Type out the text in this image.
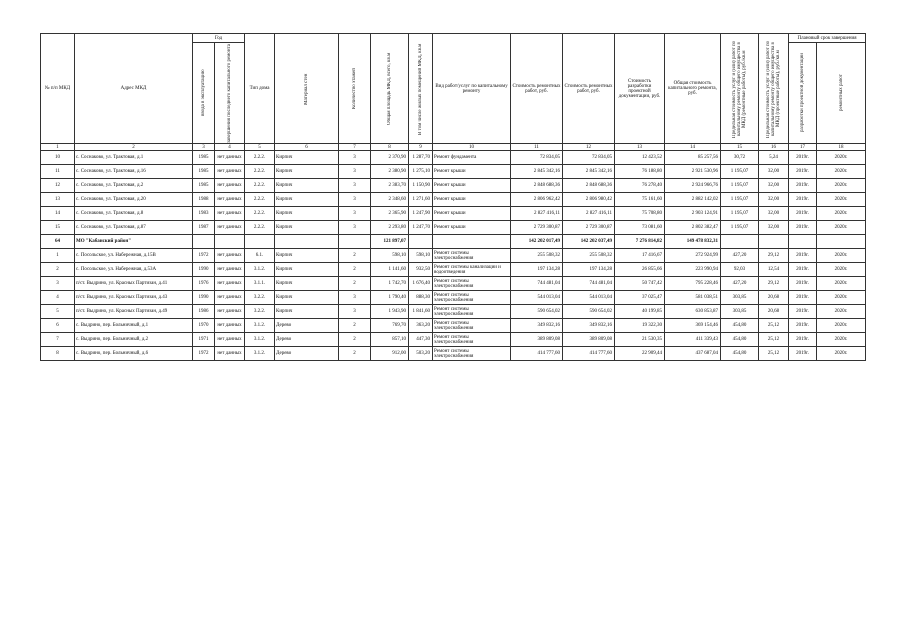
№ п/п МКД	Адрес МКД	Год		Тип дома	Материал стен	Количество этажей	Общая площадь МКД, всего, кв.м	В том числе жилых помещений МКД, кв.м	Вид работ/услуг по капитальному ремонту	Стоимость ремонтных работ, руб.	Стоимость ремонтных работ, руб.	Стоимость разработки проектной документации, руб.	Общая стоимость капитального ремонта, руб.	Предельная стоимость услуг и (или) работ по капитальному ремонту общего имущества в МКД (ремонтные работы), руб./кв.м	Предельная стоимость услуг и (или) работ по капитальному ремонту общего имущества в МКД (проектные работы), руб./кв.м	Плановый срок завершения	

		ввода в эксплуатацию	завершения последнего капитального ремонта													разработки проектной документации	ремонтных работ

1	2	3	4	5	6	7	8	9	10	11	12	13	14	15	16	17	18
10	с. Соснаково, ул. Трактовая, д.1	1985	нет данных	2.2.2.	Кирпич	3	2 370,90	1 287,70	Ремонт фундамента	72 834,05	72 834,05	12 423,52	85 257,56	30,72	5,24	2019г.	2020г.
11	с. Соснаково, ул. Трактовая, д.16	1985	нет данных	2.2.2.	Кирпич	3	2 380,90	1 275,10	Ремонт крыши	2 845 342,16	2 845 342,16	76 188,80	2 921 530,96	1 195,07	32,00	2019г.	2020г.
12	с. Соснаково, ул. Трактовая, д.2	1985	нет данных	2.2.2.	Кирпич	3	2 383,70	1 150,90	Ремонт крыши	2 848 688,36	2 848 688,36	76 278,40	2 924 966,76	1 195,07	32,00	2019г.	2020г.
13	с. Соснаково, ул. Трактовая, д.20	1988	нет данных	2.2.2.	Кирпич	3	2 348,60	1 271,60	Ремонт крыши	2 806 962,42	2 806 980,42	75 161,60	2 882 142,02	1 195,07	32,00	2019г.	2020г.
14	с. Соснаково, ул. Трактовая, д.8	1983	нет данных	2.2.2.	Кирпич	3	2 365,90	1 247,90	Ремонт крыши	2 827 416,11	2 827 416,11	75 708,80	2 903 124,91	1 195,07	32,00	2019г.	2020г.
15	с. Соснаково, ул. Трактовая, д.87	1987	нет данных	2.2.2.	Кирпич	3	2 293,80	1 247,70	Ремонт крыши	2 729 300,87	2 729 300,87	73 081,60	2 802 382,47	1 195,07	32,00	2019г.	2020г.
64	МО "Кабанский район"						121 897,07			142 202 017,49	142 202 037,49	7 276 814,82	149 478 832,31				
1	с. Посольское, ул. Набережная, д.15В	1972	нет данных	6.1.	Кирпич	2	598,10	598,10	Ремонт системы электроснабжения	255 508,32	255 508,32	17 416,67	272 924,99	427,20	29,12	2019г.	2020г.
2	с. Посольское, ул. Набережная, д.53А	1990	нет данных	3.1.2.	Кирпич	2	1 141,60	932,50	Ремонт системы канализации и водоотведения	197 134,28	197 134,28	26 855,66	223 990,94	92,03	12,54	2019г.	2020г.
3	п/ст. Выдрино, ул. Красных Партизан, д.41	1976	нет данных	3.1.1.	Кирпич	2	1 742,70	1 676,40	Ремонт системы электроснабжения	744 481,04	744 481,04	50 747,42	795 228,46	427,20	29,12	2019г.	2020г.
4	п/ст. Выдрино, ул. Красных Партизан, д.43	1990	нет данных	3.2.2.	Кирпич	3	1 790,40	888,30	Ремонт системы электроснабжения	544 013,04	544 013,04	37 025,47	581 038,51	303,85	20,68	2019г.	2020г.
5	п/ст. Выдрино, ул. Красных Партизан, д.49	1986	нет данных	3.2.2.	Кирпич	3	1 943,90	1 841,60	Ремонт системы электроснабжения	590 654,02	590 654,02	40 199,85	630 853,87	303,85	20,68	2019г.	2020г.
6	с. Выдрино, пер. Больничный, д.1	1970	нет данных	3.1.2.	Дерево	2	769,70	363,20	Ремонт системы электроснабжения	349 832,16	349 832,16	19 322,30	369 154,46	454,80	25,12	2019г.	2020г.
7	с. Выдрино, пер. Больничный, д.2	1971	нет данных	3.1.2.	Дерево	2	857,10	447,30	Ремонт системы электроснабжения	389 809,08	389 809,08	21 530,35	411 339,43	454,80	25,12	2019г.	2020г.
8	с. Выдрино, пер. Больничный, д.6	1972	нет данных	3.1.2.	Дерево	2	912,00	503,20	Ремонт системы электроснабжения	414 777,60	414 777,60	22 909,44	437 687,04	454,80	25,12	2019г.	2020г.
